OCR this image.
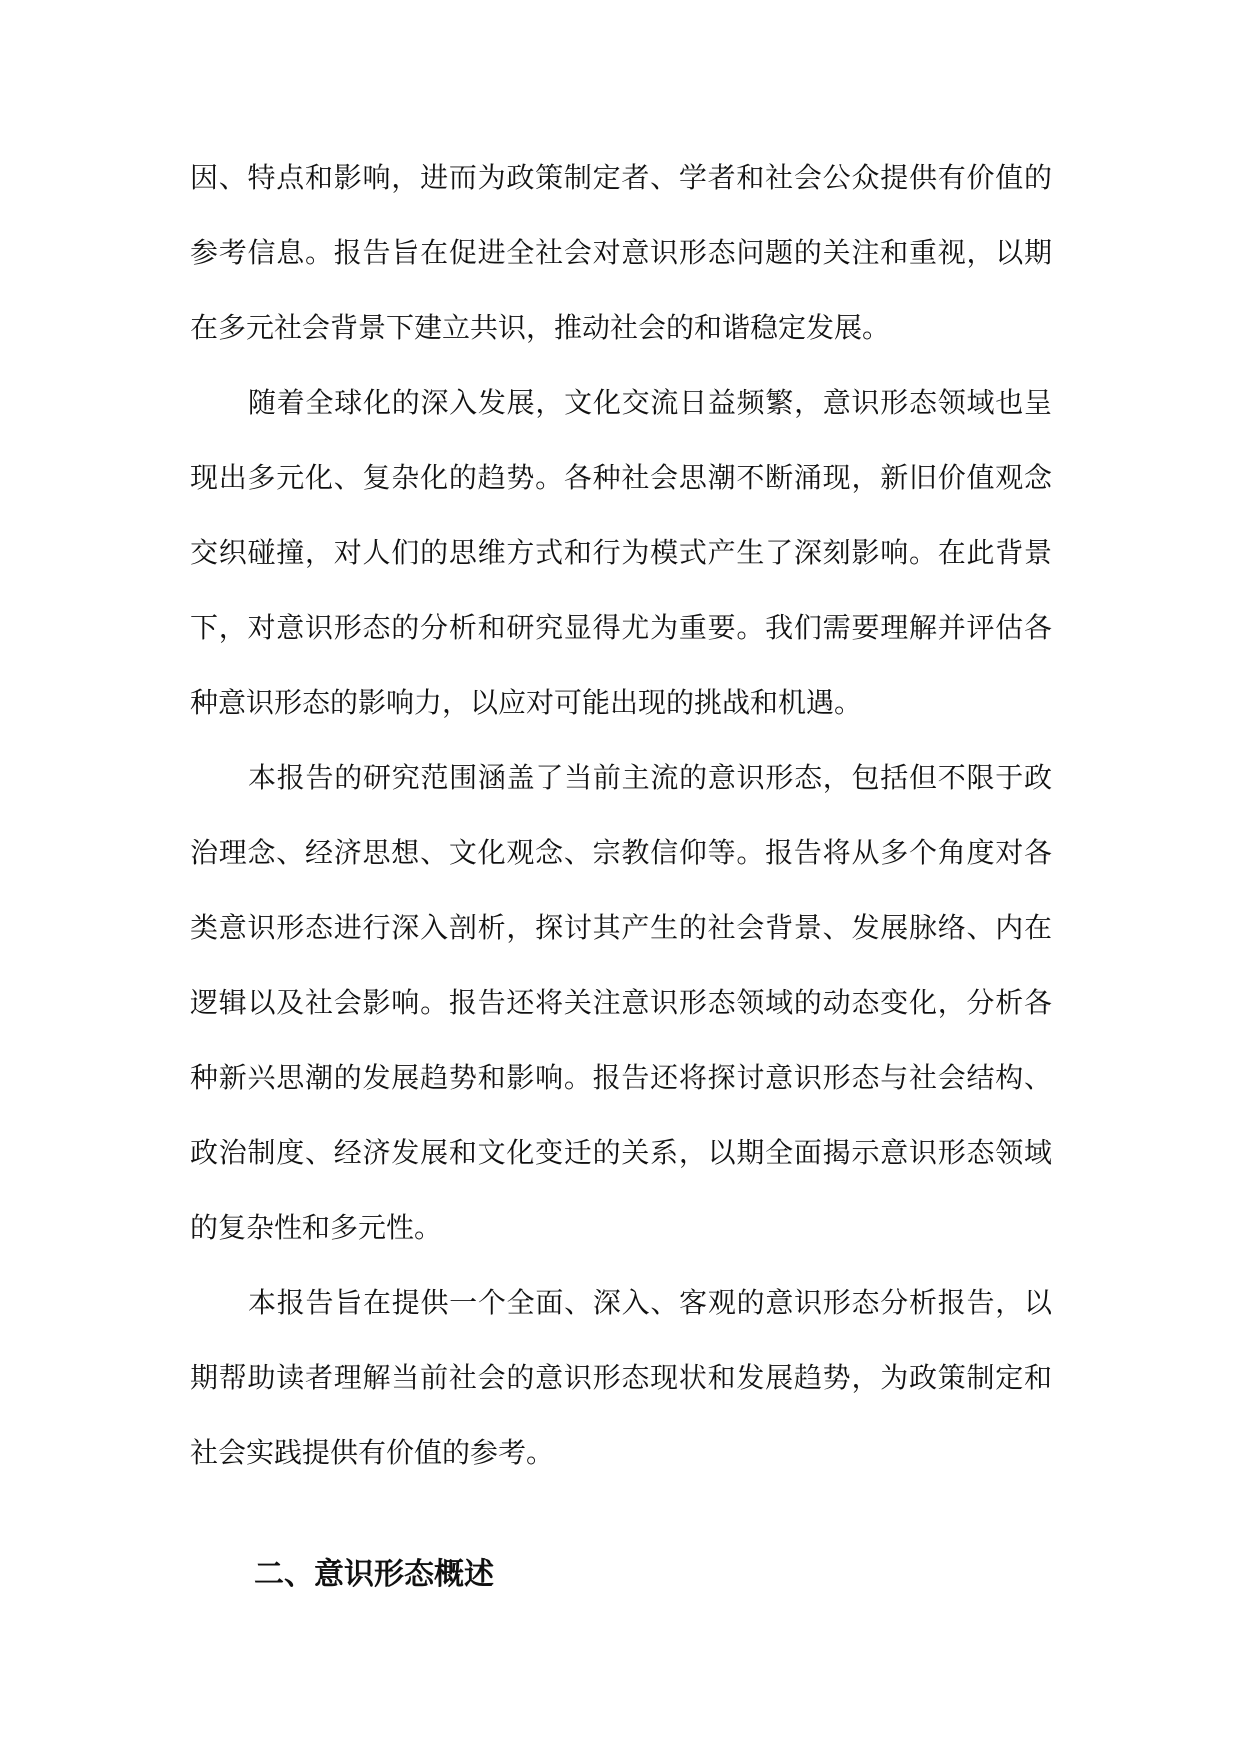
因、特点和影响，进而为政策制定者、学者和社会公众提供有价值的参考信息。报告旨在促进全社会对意识形态问题的关注和重视，以期在多元社会背景下建立共识，推动社会的和谐稳定发展。

随着全球化的深入发展，文化交流日益频繁，意识形态领域也呈现出多元化、复杂化的趋势。各种社会思潮不断涌现，新旧价值观念交织碰撞，对人们的思维方式和行为模式产生了深刻影响。在此背景下，对意识形态的分析和研究显得尤为重要。我们需要理解并评估各种意识形态的影响力，以应对可能出现的挑战和机遇。

本报告的研究范围涵盖了当前主流的意识形态，包括但不限于政治理念、经济思想、文化观念、宗教信仰等。报告将从多个角度对各类意识形态进行深入剖析，探讨其产生的社会背景、发展脉络、内在逻辑以及社会影响。报告还将关注意识形态领域的动态变化，分析各种新兴思潮的发展趋势和影响。报告还将探讨意识形态与社会结构、政治制度、经济发展和文化变迁的关系，以期全面揭示意识形态领域的复杂性和多元性。

本报告旨在提供一个全面、深入、客观的意识形态分析报告，以期帮助读者理解当前社会的意识形态现状和发展趋势，为政策制定和社会实践提供有价值的参考。

二、意识形态概述
